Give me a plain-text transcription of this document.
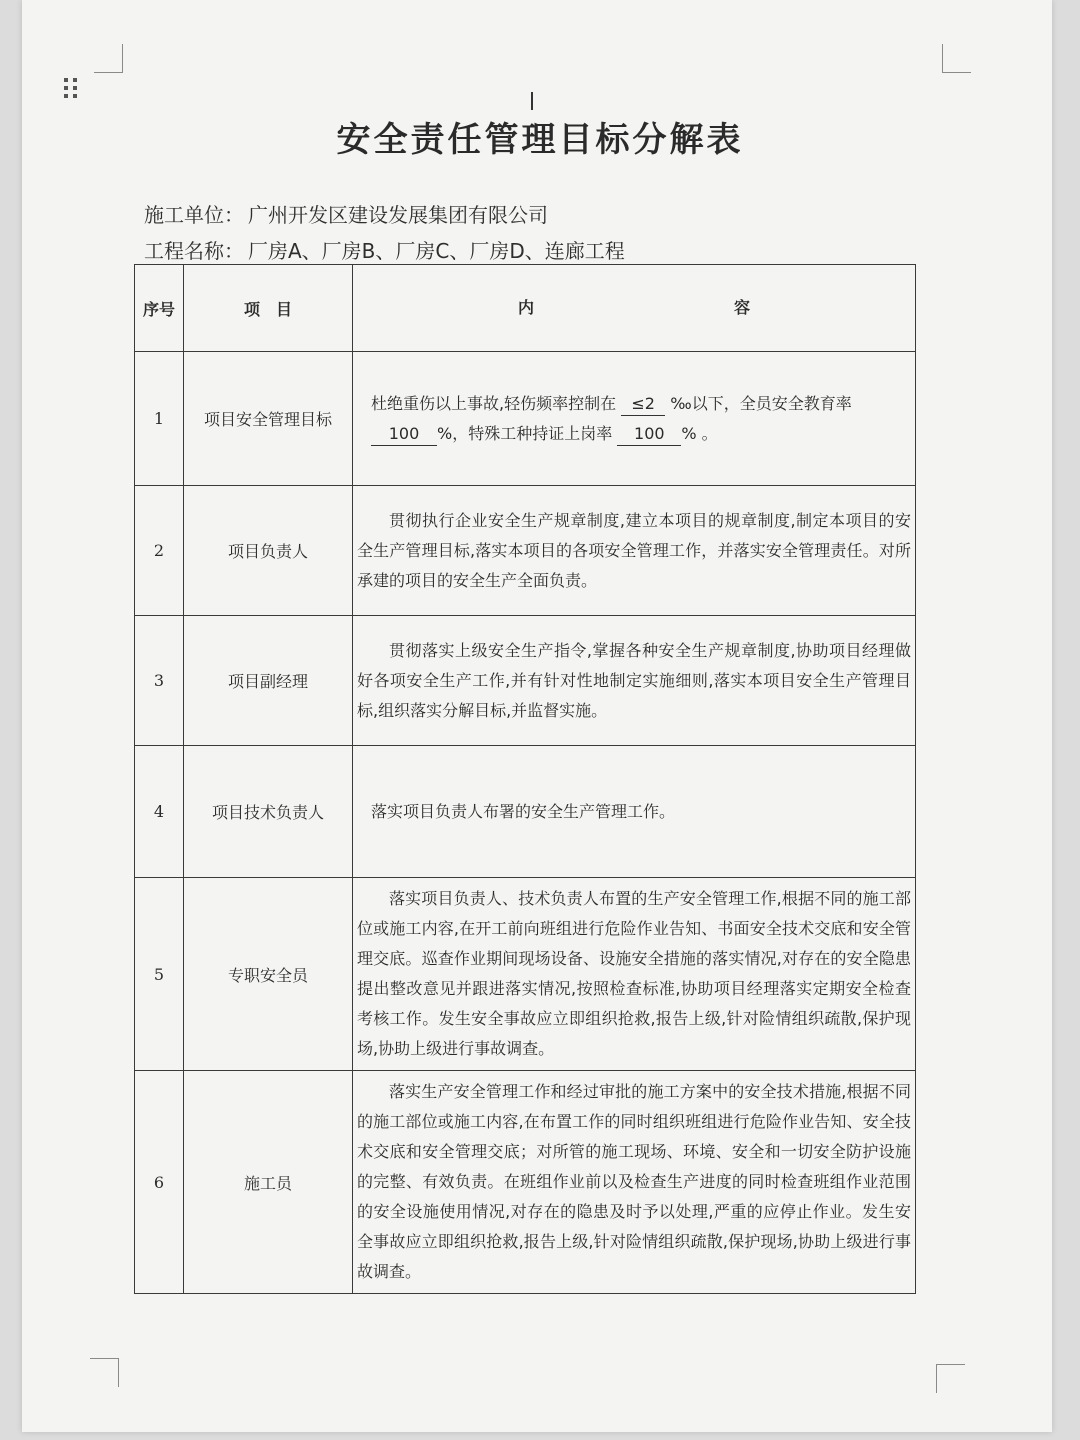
安全责任管理目标分解表
施工单位： 广州开发区建设发展集团有限公司
工程名称： 厂房A、厂房B、厂房C、厂房D、连廊工程
序号	项　目	内 容
1	项目安全管理目标	杜绝重伤以上事故,轻伤频率控制在 ≤2 ‰以下，全员安全教育率
100 %，特殊工种持证上岗率 100 % 。

2	项目负责人	贯彻执行企业安全生产规章制度,建立本项目的规章制度,制定本项目的安全生产管理目标,落实本项目的各项安全管理工作，并落实安全管理责任。对所承建的项目的安全生产全面负责。
3	项目副经理	贯彻落实上级安全生产指令,掌握各种安全生产规章制度,协助项目经理做好各项安全生产工作,并有针对性地制定实施细则,落实本项目安全生产管理目标,组织落实分解目标,并监督实施。
4	项目技术负责人	落实项目负责人布署的安全生产管理工作。
5	专职安全员	落实项目负责人、技术负责人布置的生产安全管理工作,根据不同的施工部位或施工内容,在开工前向班组进行危险作业告知、书面安全技术交底和安全管理交底。巡查作业期间现场设备、设施安全措施的落实情况,对存在的安全隐患提出整改意见并跟进落实情况,按照检查标准,协助项目经理落实定期安全检查考核工作。发生安全事故应立即组织抢救,报告上级,针对险情组织疏散,保护现场,协助上级进行事故调查。
6	施工员	落实生产安全管理工作和经过审批的施工方案中的安全技术措施,根据不同的施工部位或施工内容,在布置工作的同时组织班组进行危险作业告知、安全技术交底和安全管理交底；对所管的施工现场、环境、安全和一切安全防护设施的完整、有效负责。在班组作业前以及检查生产进度的同时检查班组作业范围的安全设施使用情况,对存在的隐患及时予以处理,严重的应停止作业。发生安全事故应立即组织抢救,报告上级,针对险情组织疏散,保护现场,协助上级进行事故调查。
